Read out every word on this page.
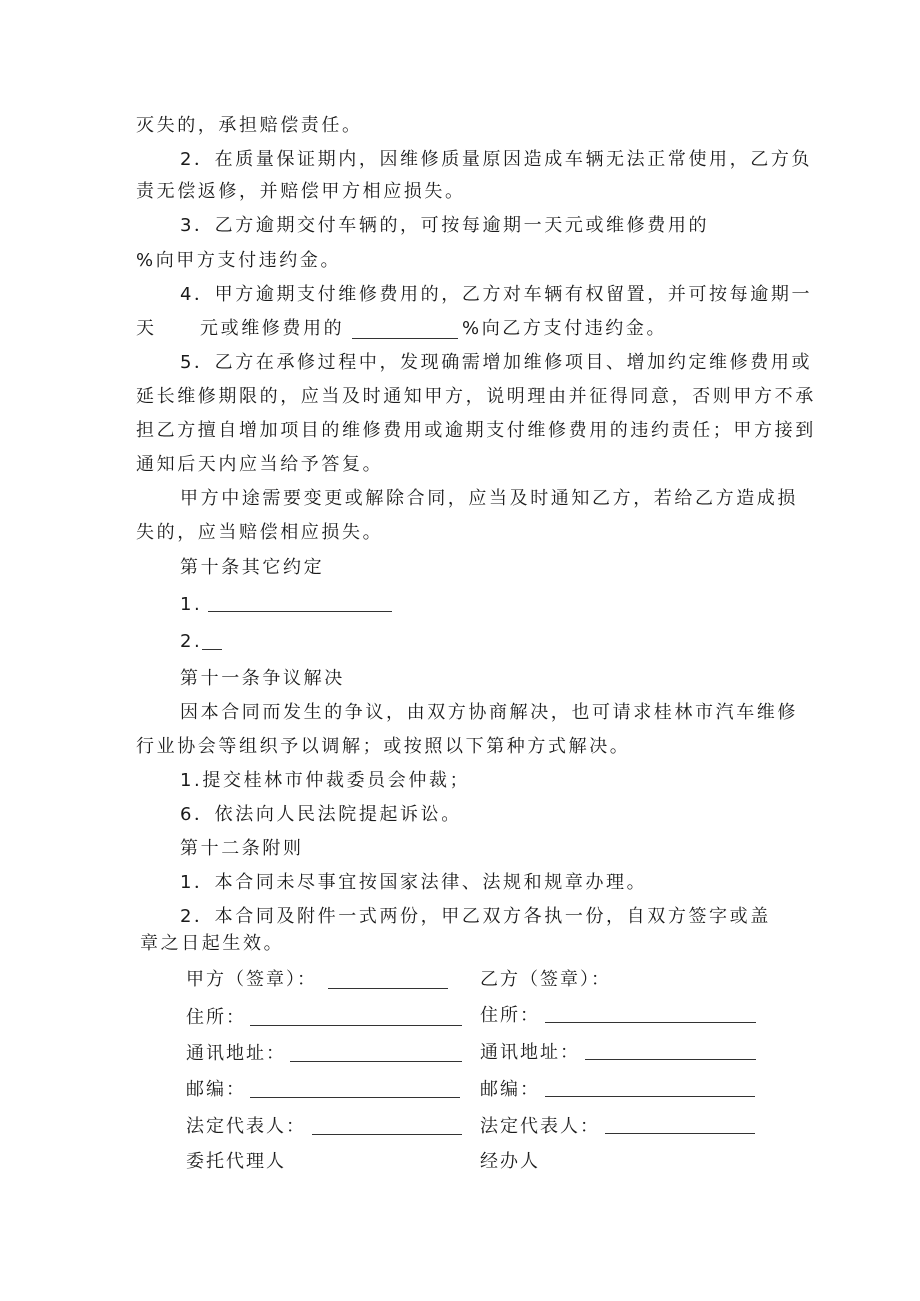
灭失的，承担赔偿责任。
2．在质量保证期内，因维修质量原因造成车辆无法正常使用，乙方负
责无偿返修，并赔偿甲方相应损失。
3．乙方逾期交付车辆的，可按每逾期一天元或维修费用的
%向甲方支付违约金。
4．甲方逾期支付维修费用的，乙方对车辆有权留置，并可按每逾期一
天 元或维修费用的	%向乙方支付违约金。
5．乙方在承修过程中，发现确需增加维修项目、增加约定维修费用或
延长维修期限的，应当及时通知甲方，说明理由并征得同意，否则甲方不承
担乙方擅自增加项目的维修费用或逾期支付维修费用的违约责任；甲方接到
通知后天内应当给予答复。
甲方中途需要变更或解除合同，应当及时通知乙方，若给乙方造成损
失的，应当赔偿相应损失。
第十条其它约定
1.
2.
第十一条争议解决
因本合同而发生的争议，由双方协商解决，也可请求桂林市汽车维修
行业协会等组织予以调解；或按照以下第种方式解决。
1.提交桂林市仲裁委员会仲裁；
6．依法向人民法院提起诉讼。
第十二条附则
1．本合同未尽事宜按国家法律、法规和规章办理。
2．本合同及附件一式两份，甲乙双方各执一份，自双方签字或盖
章之日起生效。
甲方（签章）：
住所：
通讯地址：
邮编：
法定代表人：
乙方（签章）：
住所：
通讯地址：
邮编：
法定代表人：
委托代理人	经办人
